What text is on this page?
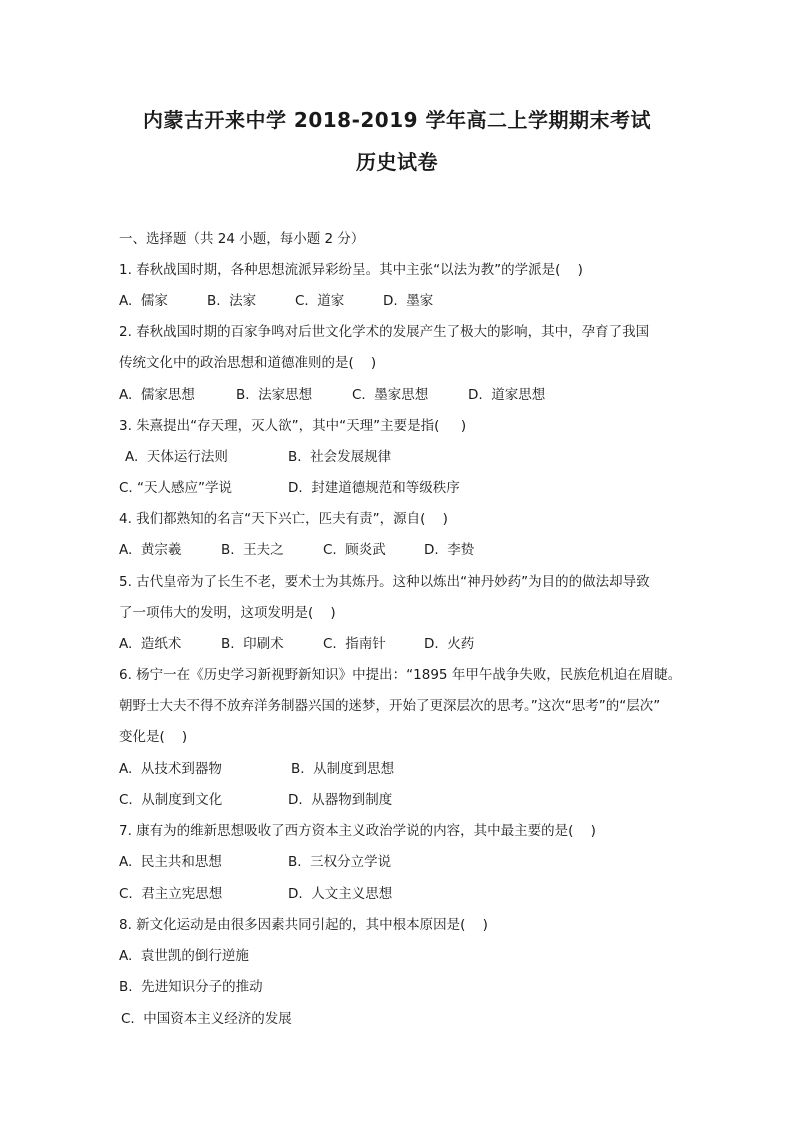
内蒙古开来中学 2018-2019 学年高二上学期期末考试
历史试卷
一、选择题（共 24 小题，每小题 2 分）
1. 春秋战国时期，各种思想流派异彩纷呈。其中主张“以法为教”的学派是(    )
A.  儒家	B.  法家	C.  道家	D.  墨家
2. 春秋战国时期的百家争鸣对后世文化学术的发展产生了极大的影响，其中，孕育了我国
传统文化中的政治思想和道德准则的是(    )
A.  儒家思想	B.  法家思想	C.  墨家思想	D.  道家思想
3. 朱熹提出“存天理，灭人欲”，其中“天理”主要是指(     )
A.  天体运行法则	B.  社会发展规律
C. “天人感应”学说	D.  封建道德规范和等级秩序
4. 我们都熟知的名言“天下兴亡，匹夫有责”，源自(    )
A.  黄宗羲	B.  王夫之	C.  顾炎武	D.  李贽
5. 古代皇帝为了长生不老，要术士为其炼丹。这种以炼出“神丹妙药”为目的的做法却导致
了一项伟大的发明，这项发明是(    )
A.  造纸术	B.  印刷术	C.  指南针	D.  火药
6. 杨宁一在《历史学习新视野新知识》中提出：“1895 年甲午战争失败，民族危机迫在眉睫。
朝野士大夫不得不放弃洋务制器兴国的迷梦，开始了更深层次的思考。”这次“思考”的“层次”
变化是(    )
A.  从技术到器物	B.  从制度到思想
C.  从制度到文化	D.  从器物到制度
7. 康有为的维新思想吸收了西方资本主义政治学说的内容，其中最主要的是(    )
A.  民主共和思想	B.  三权分立学说
C.  君主立宪思想	D.  人文主义思想
8. 新文化运动是由很多因素共同引起的，其中根本原因是(    )
A.  袁世凯的倒行逆施
B.  先进知识分子的推动
C.  中国资本主义经济的发展
